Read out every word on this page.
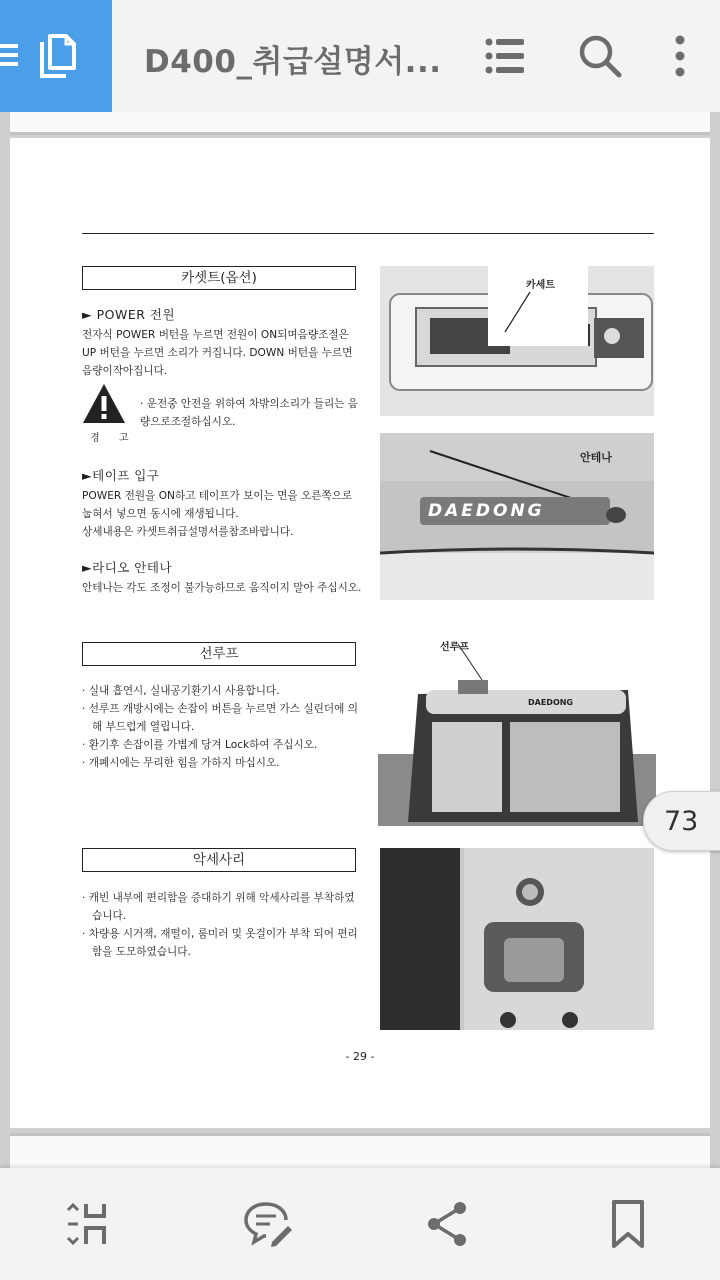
D400_취급설명서...
카셋트(옵션)
► POWER 전원
전자식 POWER 버턴을 누르면 전원이 ON되며음량조절은 UP 버턴을 누르면 소리가 커집니다. DOWN 버턴을 누르면 음량이작아집니다.
경 고
· 운전중 안전을 위하여 차밖의소리가 들리는 음량으로조절하십시오.
►테이프 입구
POWER 전원을 ON하고 테이프가 보이는 면을 오른쪽으로 눕혀서 넣으면 동시에 재생됩니다.
상세내용은 카셋트취급설명서를참조바랍니다.
►라디오 안테나
안테나는 각도 조정이 불가능하므로 움직이지 말아 주십시오.
카세트
DAEDONG
안테나
선루프
· 실내 흡연시, 실내공기환기시 사용합니다.
· 선루프 개방시에는 손잡이 버튼을 누르면 가스 실린더에 의해 부드럽게 열립니다.
· 환기후 손잡이를 가볍게 당겨 Lock하여 주십시오.
· 개폐시에는 무리한 힘을 가하지 마십시오.
선루프
DAEDONG
악세사리
· 캐빈 내부에 편리함을 증대하기 위해 악세사리를 부착하였습니다.
· 차량용 시거잭, 재떨이, 룸미러 및 옷걸이가 부착 되어 편리함을 도모하였습니다.
- 29 -
73
